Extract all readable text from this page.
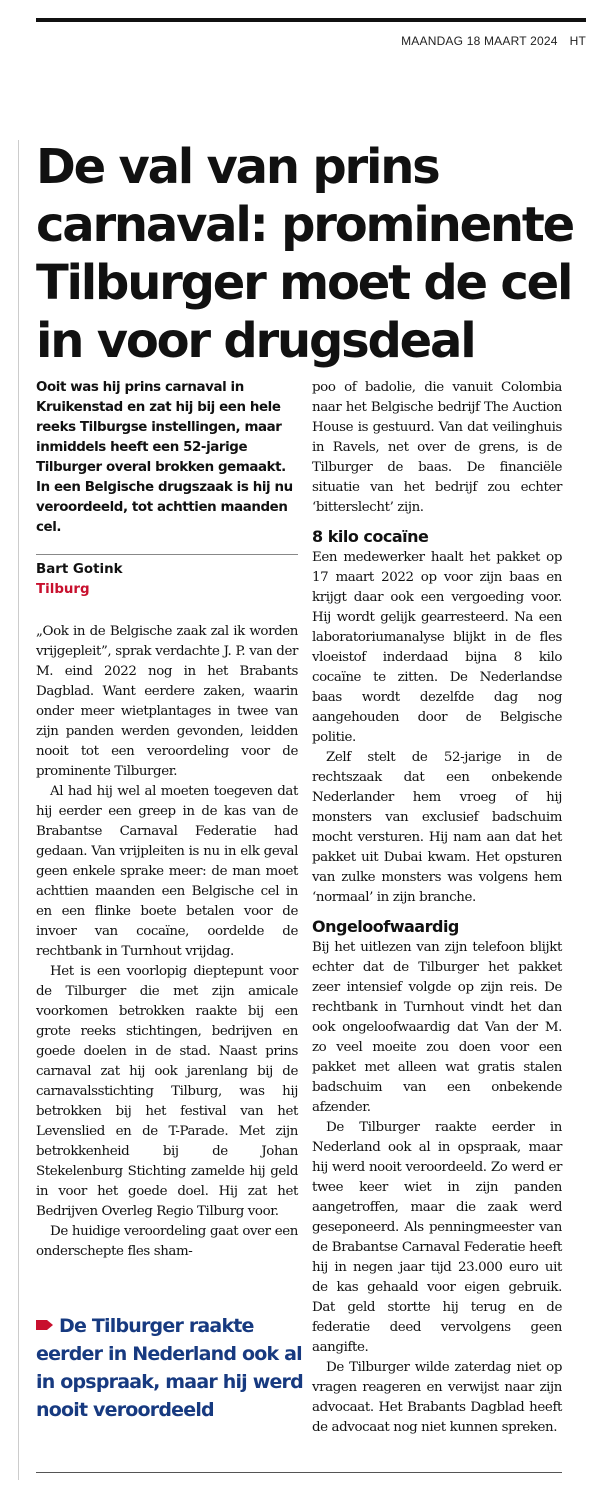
MAANDAG 18 MAART 2024 HT
De val van prins carnaval: prominente Tilburger moet de cel in voor drugsdeal

Ooit was hij prins carnaval in Kruikenstad en zat hij bij een hele reeks Tilburgse instellingen, maar inmiddels heeft een 52-jarige Tilburger overal brokken gemaakt. In een Belgische drugszaak is hij nu veroordeeld, tot achttien maanden cel.

Bart Gotink
Tilburg

„Ook in de Belgische zaak zal ik worden vrijgepleit”, sprak verdachte J. P. van der M. eind 2022 nog in het Brabants Dagblad. Want eerdere zaken, waarin onder meer wietplantages in twee van zijn panden werden gevonden, leidden nooit tot een veroordeling voor de prominente Tilburger.

Al had hij wel al moeten toegeven dat hij eerder een greep in de kas van de Brabantse Carnaval Federatie had gedaan. Van vrijpleiten is nu in elk geval geen enkele sprake meer: de man moet achttien maanden een Belgische cel in en een flinke boete betalen voor de invoer van cocaïne, oordelde de rechtbank in Turnhout vrijdag.

Het is een voorlopig dieptepunt voor de Tilburger die met zijn amicale voorkomen betrokken raakte bij een grote reeks stichtingen, bedrijven en goede doelen in de stad. Naast prins carnaval zat hij ook jarenlang bij de carnavalsstichting Tilburg, was hij betrokken bij het festival van het Levenslied en de T-Parade. Met zijn betrokkenheid bij de Johan Stekelenburg Stichting zamelde hij geld in voor het goede doel. Hij zat het Bedrijven Overleg Regio Tilburg voor.

De huidige veroordeling gaat over een onderschepte fles sham-

De Tilburger raakte eerder in Nederland ook al in opspraak, maar hij werd nooit veroordeeld

poo of badolie, die vanuit Colombia naar het Belgische bedrijf The Auction House is gestuurd. Van dat veilinghuis in Ravels, net over de grens, is de Tilburger de baas. De financiële situatie van het bedrijf zou echter ‘bitterslecht’ zijn.

8 kilo cocaïne

Een medewerker haalt het pakket op 17 maart 2022 op voor zijn baas en krijgt daar ook een vergoeding voor. Hij wordt gelijk gearresteerd. Na een laboratoriumanalyse blijkt in de fles vloeistof inderdaad bijna 8 kilo cocaïne te zitten. De Nederlandse baas wordt dezelfde dag nog aangehouden door de Belgische politie.

Zelf stelt de 52-jarige in de rechtszaak dat een onbekende Nederlander hem vroeg of hij monsters van exclusief badschuim mocht versturen. Hij nam aan dat het pakket uit Dubai kwam. Het opsturen van zulke monsters was volgens hem ‘normaal’ in zijn branche.

Ongeloofwaardig

Bij het uitlezen van zijn telefoon blijkt echter dat de Tilburger het pakket zeer intensief volgde op zijn reis. De rechtbank in Turnhout vindt het dan ook ongeloofwaardig dat Van der M. zo veel moeite zou doen voor een pakket met alleen wat gratis stalen badschuim van een onbekende afzender.

De Tilburger raakte eerder in Nederland ook al in opspraak, maar hij werd nooit veroordeeld. Zo werd er twee keer wiet in zijn panden aangetroffen, maar die zaak werd geseponeerd. Als penningmeester van de Brabantse Carnaval Federatie heeft hij in negen jaar tijd 23.000 euro uit de kas gehaald voor eigen gebruik. Dat geld stortte hij terug en de federatie deed vervolgens geen aangifte.

De Tilburger wilde zaterdag niet op vragen reageren en verwijst naar zijn advocaat. Het Brabants Dagblad heeft de advocaat nog niet kunnen spreken.
